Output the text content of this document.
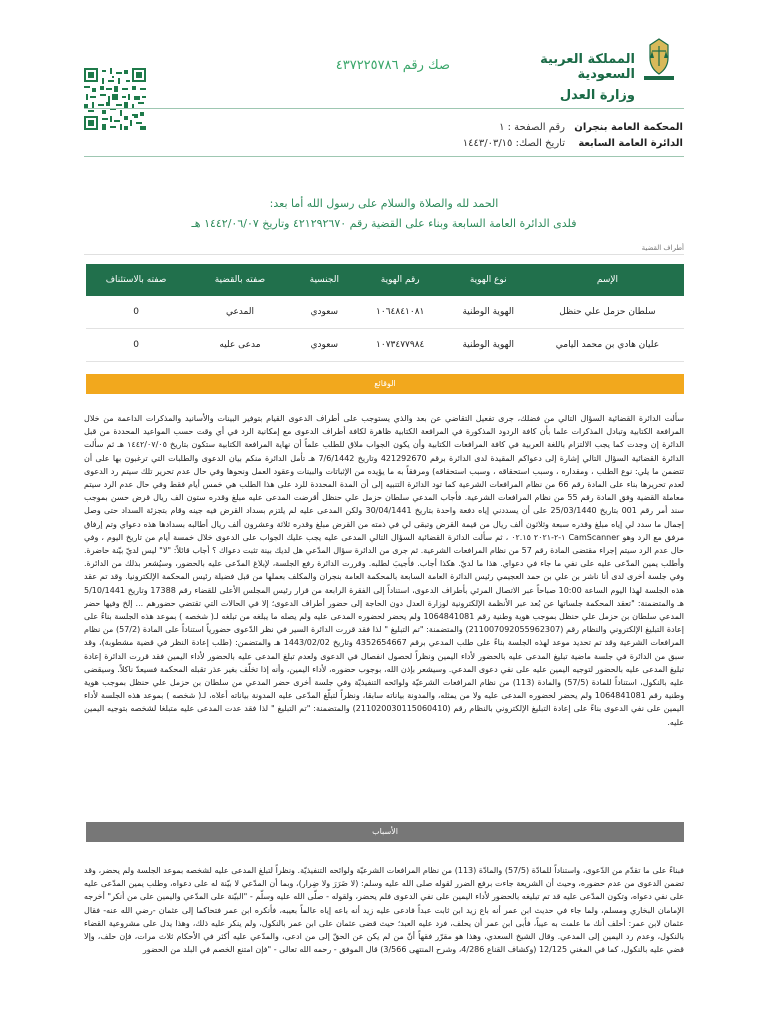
المملكة العربية السعودية
وزارة العدل
صك رقم ٤٣٧٢٢٥٧٨٦
المحكمة العامة بنجران
الدائرة العامة السابعة
رقم الصفحة : ١
تاريخ الصك: ١٤٤٣/٠٣/١٥
الحمد لله والصلاة والسلام على رسول الله أما بعد:
فلدى الدائرة العامة السابعة وبناء على القضية رقم ٤٢١٢٩٢٦٧٠ وتاريخ ١٤٤٢/٠٦/٠٧ هـ
أطراف القضية
الإسم	نوع الهوية	رقم الهوية	الجنسية	صفته بالقضية	صفته بالاستئناف
سلطان حزمل علي حنظل	الهوية الوطنية	١٠٦٤٨٤١٠٨١	سعودي	المدعي	0
عليان هادي بن محمد اليامي	الهوية الوطنية	١٠٧٣٤٧٧٩٨٤	سعودي	مدعى عليه	0
الوقائع
سألت الدائرة القضائية السؤال التالي من فضلك، جرى تفعيل التقاضي عن بعد والذي يستوجب على أطراف الدعوى القيام بتوفير البينات والأسانيد والمذكرات الداعمة من خلال المرافعة الكتابية وتبادل المذكرات علما بأن كافة الردود المذكورة في المرافعة الكتابية ظاهرة لكافة أطراف الدعوى مع إمكانية الرد في أي وقت حسب المواعيد المحددة من قبل الدائرة إن وجدت كما يجب الالتزام باللغة العربية في كافة المرافعات الكتابية وأن يكون الجواب ملاق للطلب علماً أن نهاية المرافعة الكتابية ستكون بتاريخ ١٤٤٢/٠٧/٠٥ هـ ثم سألت الدائرة القضائية السؤال التالي إشارة إلى دعواكم المقيدة لدى الدائرة برقم 421292670 وتاريخ 7/6/1442 هـ تأمل الدائرة منكم بيان الدعوى والطلبات التي ترغبون بها على أن تتضمن ما يلي: نوع الطلب ، ومقداره ، وسبب استحقاقه ، وسبب استحقاقه) ومرفقاً به ما يؤيده من الإثباتات والبينات وعقود العمل ونحوها وفي حال عدم تحرير تلك سيتم رد الدعوى لعدم تحريرها بناء على المادة رقم 66 من نظام المرافعات الشرعية كما تود الدائرة التنبيه إلى أن المدة المحددة للرد على هذا الطلب هي خمس أيام فقط وفي حال عدم الرد سيتم معاملة القضية وفق المادة رقم 55 من نظام المرافعات الشرعية. فأجاب المدعي سلطان حزمل علي حنظل أقرضت المدعى عليه مبلغ وقدره ستون الف ريال قرض حسن بموجب سند أمر رقم 001 بتاريخ 25/03/1440 على أن يسددني إياه دفعة واحدة بتاريخ 30/04/1441 ولكن المدعى عليه لم يلتزم بسداد القرض فيه جينه وقام بتجزئة السداد حتى وصل إجمال ما سدد لي إياه مبلغ وقدره سبعة وثلاثون ألف ريال من قيمة القرض وتبقى لي في ذمته من القرض مبلغ وقدره ثلاثة وعشرون ألف ريال أطالبه بسدادها هذه دعواي وتم إرفاق مرفق مع الرد وهو CamScanner ١-٢-٢٠٢١ ٠٢.١٥ ، ثم سألت الدائرة القضائية السؤال التالي المدعى عليه يجب عليك الجواب على الدعوى خلال خمسة أيام من تاريخ اليوم ، وفي حال عدم الرد سيتم إجراء مقتضى المادة رقم 57 من نظام المرافعات الشرعية. ثم جرى من الدائرة سؤال المدّعي هل لديك بينة تثبت دعواك ؟ أجاب قائلاً: "لا" ليس لديّ بيّنة حاضرة. وأطلب يمين المدّعى عليه على نفي ما جاء في دعواي. هذا ما لديّ. هكذا أجاب. فأجيبَ لطلبه. وقررت الدائرة رفع الجلسة، لإبلاغ المدّعى عليه بالحضور، وسيُشعر بذلك من الدائرة. وفي جلسة أخرى لدى أنا ناشر بن علي بن حمد العجيمي رئيس الدائرة العامة السابعة بالمحكمة العامة بنجران والمكلف بعملها من قبل فضيلة رئيس المحكمة الإلكترونيا. وقد تم عقد هذه الجلسة لهذا اليوم الساعة 10:00 صباحاً عبر الاتصال المرئي بأطراف الدعوى، استناداً إلى الفقرة الرابعة من قرار رئيس المجلس الأعلى للقضاء رقم 17388 وتاريخ 5/10/1441 هـ والمتضمنة: "تعقد المحكمة جلساتها عن بُعد عبر الأنظمة الإلكترونية لوزارة العدل دون الحاجة إلى حضور أطراف الدعوى؛ إلا في الحالات التي تقتضي حضورهم ... إلخ وفيها حضر المدعي سلطان بن حزمل علي حنظل بموجب هوية وطنية رقم 1064841081 ولم يحضر لحضوره المدعى عليه ولم يصله ما يبلغه من تبلغه لـ( شخصه ) بموعد هذه الجلسة بناءً على إعادة التبليغ الإلكتروني والنظام رقم (211007092055962307) والمتضمنة: "تم التبليغ " لذا فقد قررت الدائرة السير في نظر الدّعوى حضورياً استناداً على المادة (57/2) من نظام المرافعات الشرعية وقد تم تحديد موعد لهذه الجلسة بناءً على طلب المدعي برقم 4352654667 وتاريخ 1443/02/02 هـ والمتضمن: (طلب إعادة النظر في قضية مشطوبة)، وقد سبق من الدائرة في جلسة ماضية تبليغ المدعى عليه بالحضور لأداء اليمين ونظراً لحصول انفصال في الدعوى ولعدم تبلغ المدعى عليه بالحضور لأداء اليمين فقد قررت الدائرة إعادة تبليغ المدعى عليه بالحضور لتوجيه اليمين عليه على نفي دعوى المدعي. وسيشعر بإذن الله، بوجوب حضوره، لأداء اليمين، وأنه إذا تخلّف بغير عذر تقبله المحكمة فسيعدّ ناكلاً. وسيقضى عليه بالنكول، استناداً للمادة (57/5) والمادة (113) من نظام المرافعات الشرعيّة ولوائحه التنفيذيّة وفي جلسة أخرى حضر المدعي من سلطان بن حزمل علي حنظل بموجب هوية وطنية رقم 1064841081 ولم يحضر لحضوره المدعى عليه ولا من يمثله، والمدونة بياناته سابقا، ونظراً لتبلّغ المدّعى عليه المدونة بياناته أعلاه، لـ( شخصه ) بموعد هذه الجلسة لأداء اليمين على نفي الدعوى بناءً على إعادة التبليغ الإلكتروني بالنظام رقم (211020030115060410) والمتضمنة: "تم التبليغ " لذا فقد عدت المدعى عليه متبلغا لشخصه بتوجيه اليمين عليه.
الأسباب
فبناءً على ما تقدّم من الدّعوى، واستناداً للمادّة (57/5) والمادّة (113) من نظام المرافعات الشرعيّة ولوائحه التنفيذيّة. ونظراً لتبلغ المدعى عليه لشخصه بموعد الجلسة ولم يحضر، وقد تضمن الدعوى من عدم حضوره، وحيث أن الشريعة جاءت برفع الضرر لقوله صلى الله عليه وسلم: (لا ضَرَرَ ولا ضِرار)، وبما أن المدّعي لا بيّنة له على دعواه، وطلب يمين المدّعى عليه على نفي دعواه، وتكون المدّعى عليه قد تم تبليغه بالحضور لأداء اليمين على نفي الدعوى فلم يحضر، ولقوله - صلّى الله عليه وسلّم - "البيّنة على المدّعي واليمين على من أنكر" أخرجه الإمامان البخاري ومسلم، ولما جاء في حديث ابن عمر أنه باع زيد ابن ثابت عبداً فادعى عليه زيد أنه باعه إياه عالماً بعيبه، فأنكره ابن عمر فتحاكما إلى عثمان -رضي الله عنه- فقال عثمان لابن عمر: أحلف أنك ما علمت به عيباً، فأبى ابن عمر أن يحلف، فرد عليه العبد؛ حيث قضى عثمان على ابن عمر بالنكول، ولم ينكر عليه ذلك، وهذا يدل على مشروعية القضاء بالنكول، وعدم رد اليمين إلى المدعي. وقال الشيخ السعدي، وهذا هو مقرّر فقهاً أنّ من لم يكن عن الحقّ إلى من ادعى، والمدّعي عليه أكثر في الأحكام ثلاث مرات، فإن حلف، وإلا قضي عليه بالنكول، كما في المغني 12/125 (وكشاف القناع 4/286، وشرح المنتهى 3/566) قال الموفق - رحمه الله تعالى - "فإن امتنع الخصم في البلد من الحضور
